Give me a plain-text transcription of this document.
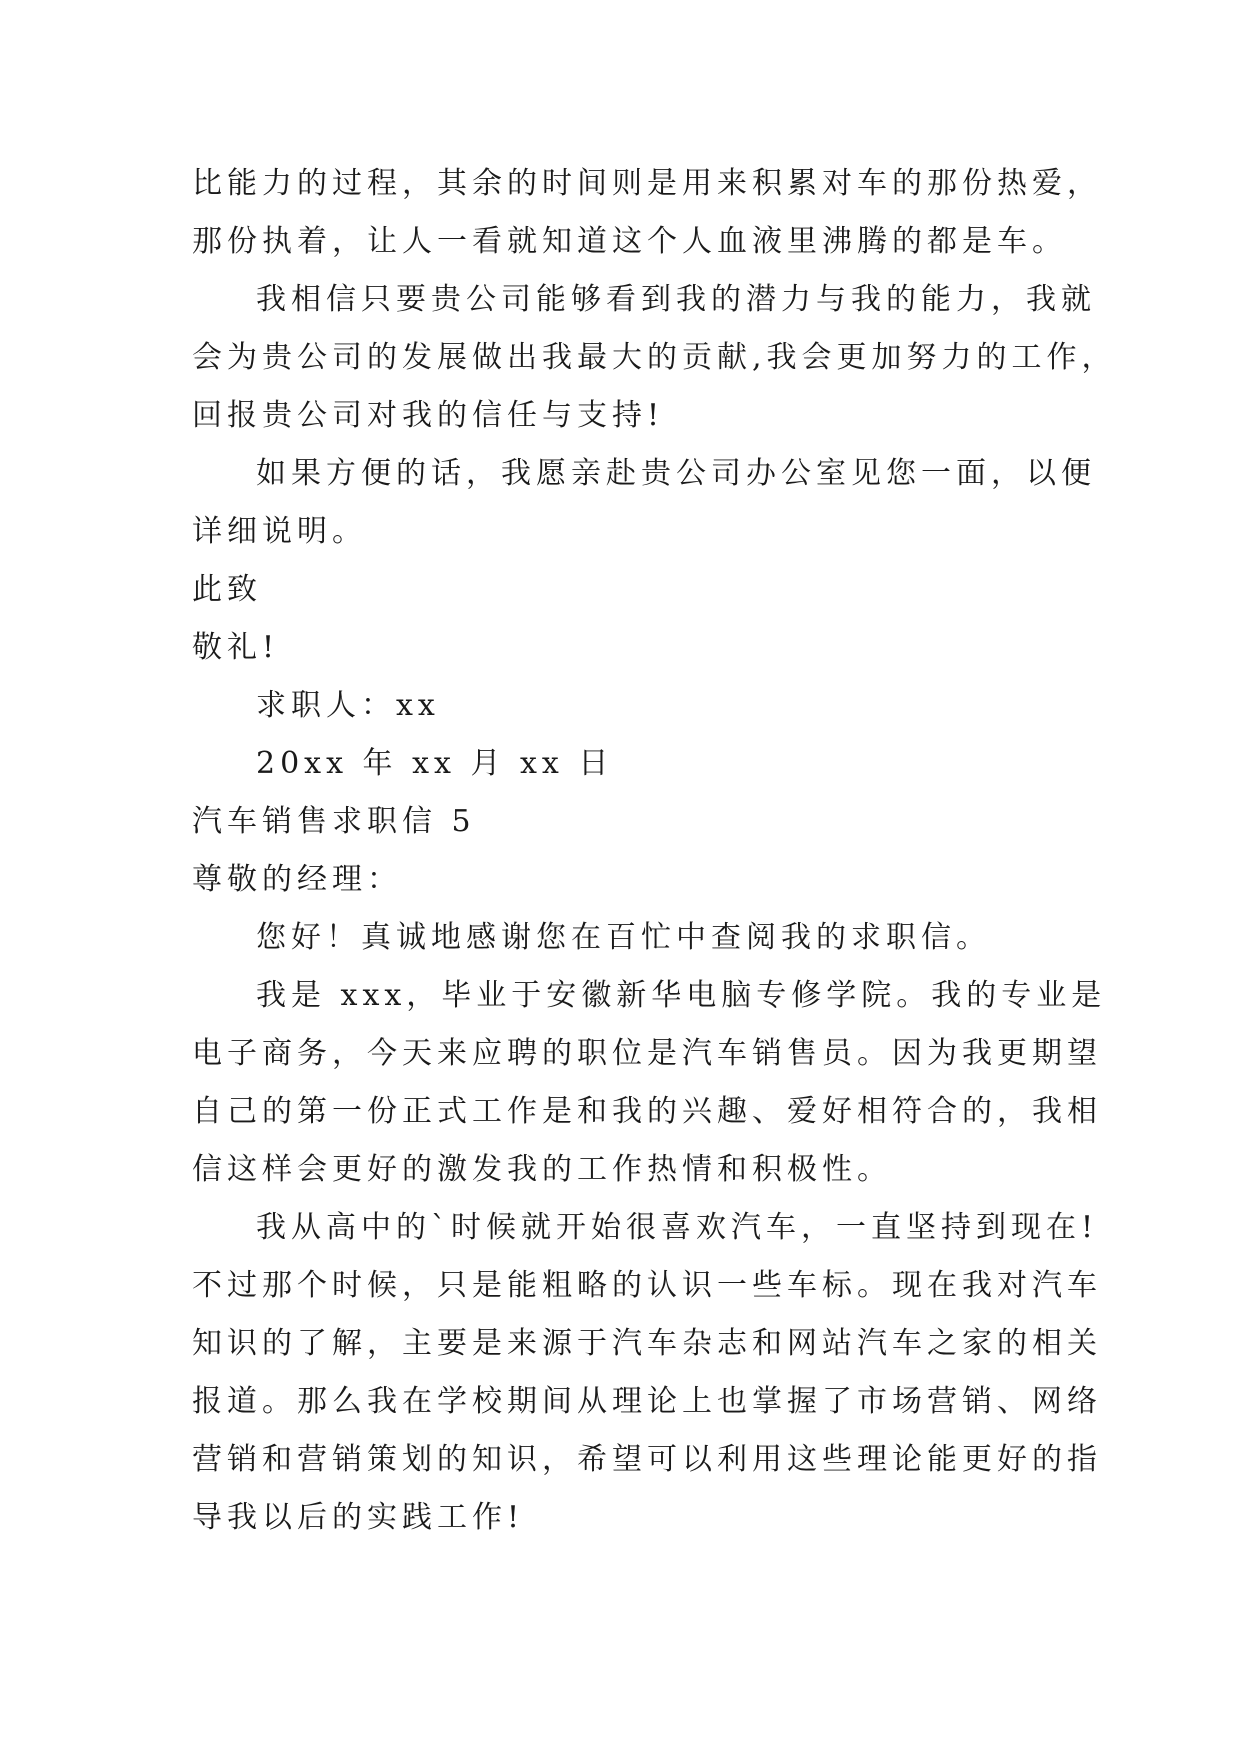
比能力的过程，其余的时间则是用来积累对车的那份热爱，
那份执着，让人一看就知道这个人血液里沸腾的都是车。
我相信只要贵公司能够看到我的潜力与我的能力，我就
会为贵公司的发展做出我最大的贡献,我会更加努力的工作，
回报贵公司对我的信任与支持!
如果方便的话，我愿亲赴贵公司办公室见您一面，以便
详细说明。
此致
敬礼!
求职人：xx
20xx 年 xx 月 xx 日
汽车销售求职信 5
尊敬的经理：
您好！真诚地感谢您在百忙中查阅我的求职信。
我是 xxx，毕业于安徽新华电脑专修学院。我的专业是
电子商务，今天来应聘的职位是汽车销售员。因为我更期望
自己的第一份正式工作是和我的兴趣、爱好相符合的，我相
信这样会更好的激发我的工作热情和积极性。
我从高中的`时候就开始很喜欢汽车，一直坚持到现在!
不过那个时候，只是能粗略的认识一些车标。现在我对汽车
知识的了解，主要是来源于汽车杂志和网站汽车之家的相关
报道。那么我在学校期间从理论上也掌握了市场营销、网络
营销和营销策划的知识，希望可以利用这些理论能更好的指
导我以后的实践工作!
